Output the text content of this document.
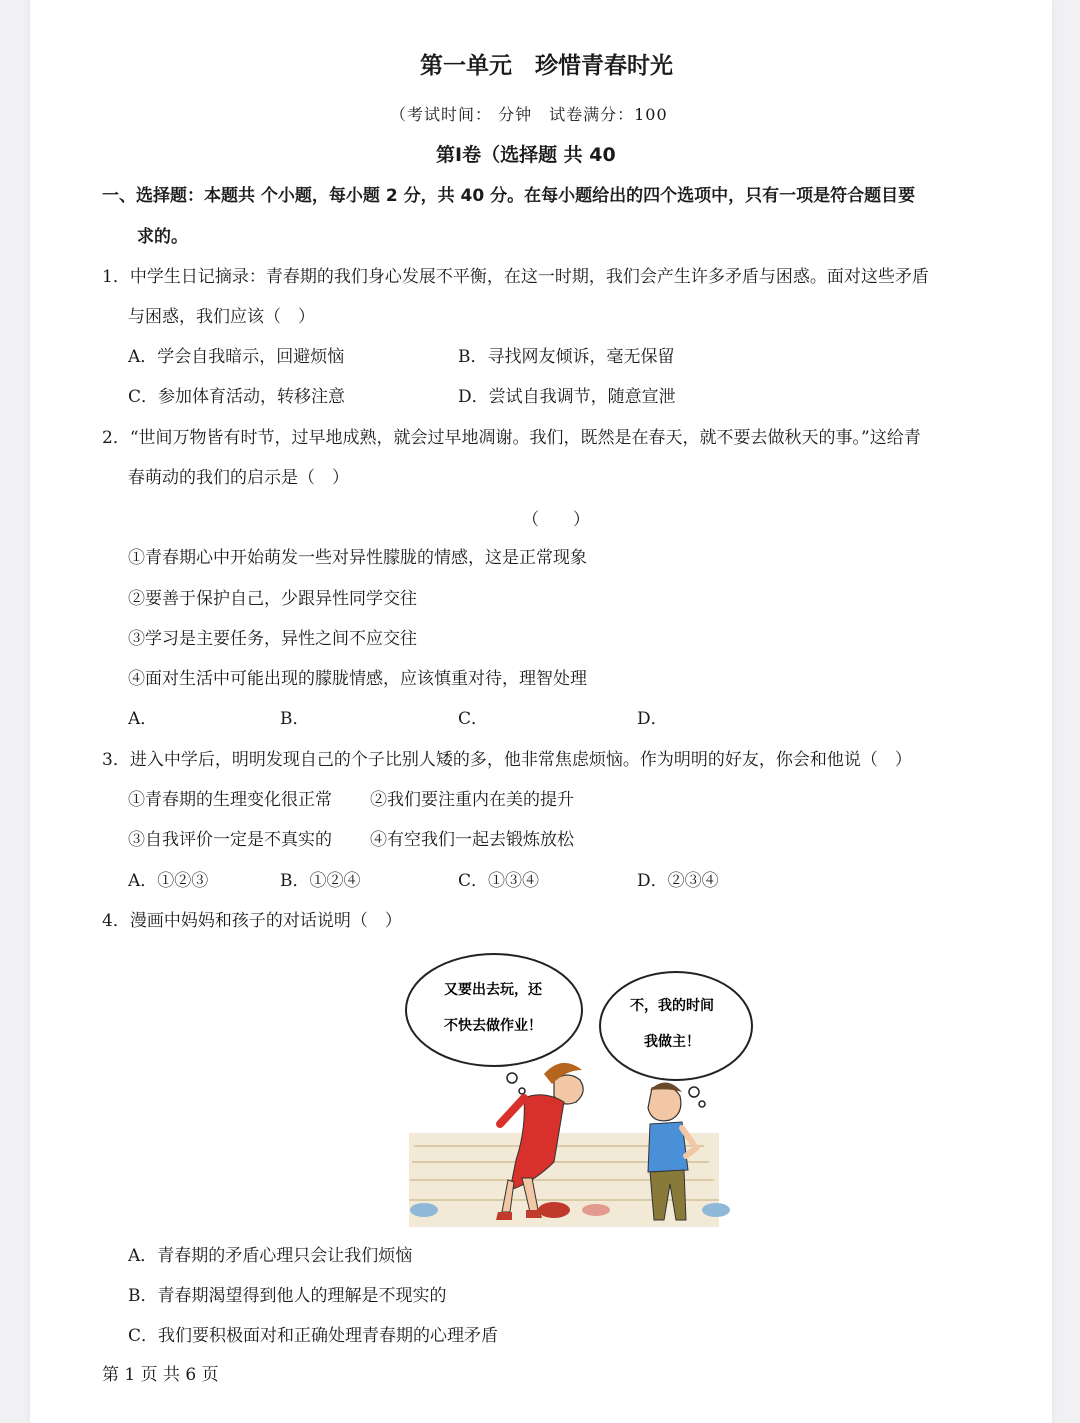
第一单元　珍惜青春时光
（考试时间： 分钟　试卷满分：100
第Ⅰ卷（选择题 共 40
一、选择题：本题共 个小题，每小题 2 分，共 40 分。在每小题给出的四个选项中，只有一项是符合题目要
求的。
1．中学生日记摘录：青春期的我们身心发展不平衡，在这一时期，我们会产生许多矛盾与困惑。面对这些矛盾
与困惑，我们应该（　）
A．学会自我暗示，回避烦恼	B．寻找网友倾诉，毫无保留
C．参加体育活动，转移注意	D．尝试自我调节，随意宣泄
2．“世间万物皆有时节，过早地成熟，就会过早地凋谢。我们，既然是在春天，就不要去做秋天的事。”这给青
春萌动的我们的启示是（　）
（　　）
①青春期心中开始萌发一些对异性朦胧的情感，这是正常现象
②要善于保护自己，少跟异性同学交往
③学习是主要任务，异性之间不应交往
④面对生活中可能出现的朦胧情感，应该慎重对待，理智处理
A．	B．	C．	D．
3．进入中学后，明明发现自己的个子比别人矮的多，他非常焦虑烦恼。作为明明的好友，你会和他说（　）
①青春期的生理变化很正常 ②我们要注重内在美的提升
③自我评价一定是不真实的 ④有空我们一起去锻炼放松
A．①②③	B．①②④	C．①③④	D．②③④
4．漫画中妈妈和孩子的对话说明（　）
又要出去玩，还
不快去做作业！
不，我的时间
我做主！
A．青春期的矛盾心理只会让我们烦恼
B．青春期渴望得到他人的理解是不现实的
C．我们要积极面对和正确处理青春期的心理矛盾
第 1 页 共 6 页
